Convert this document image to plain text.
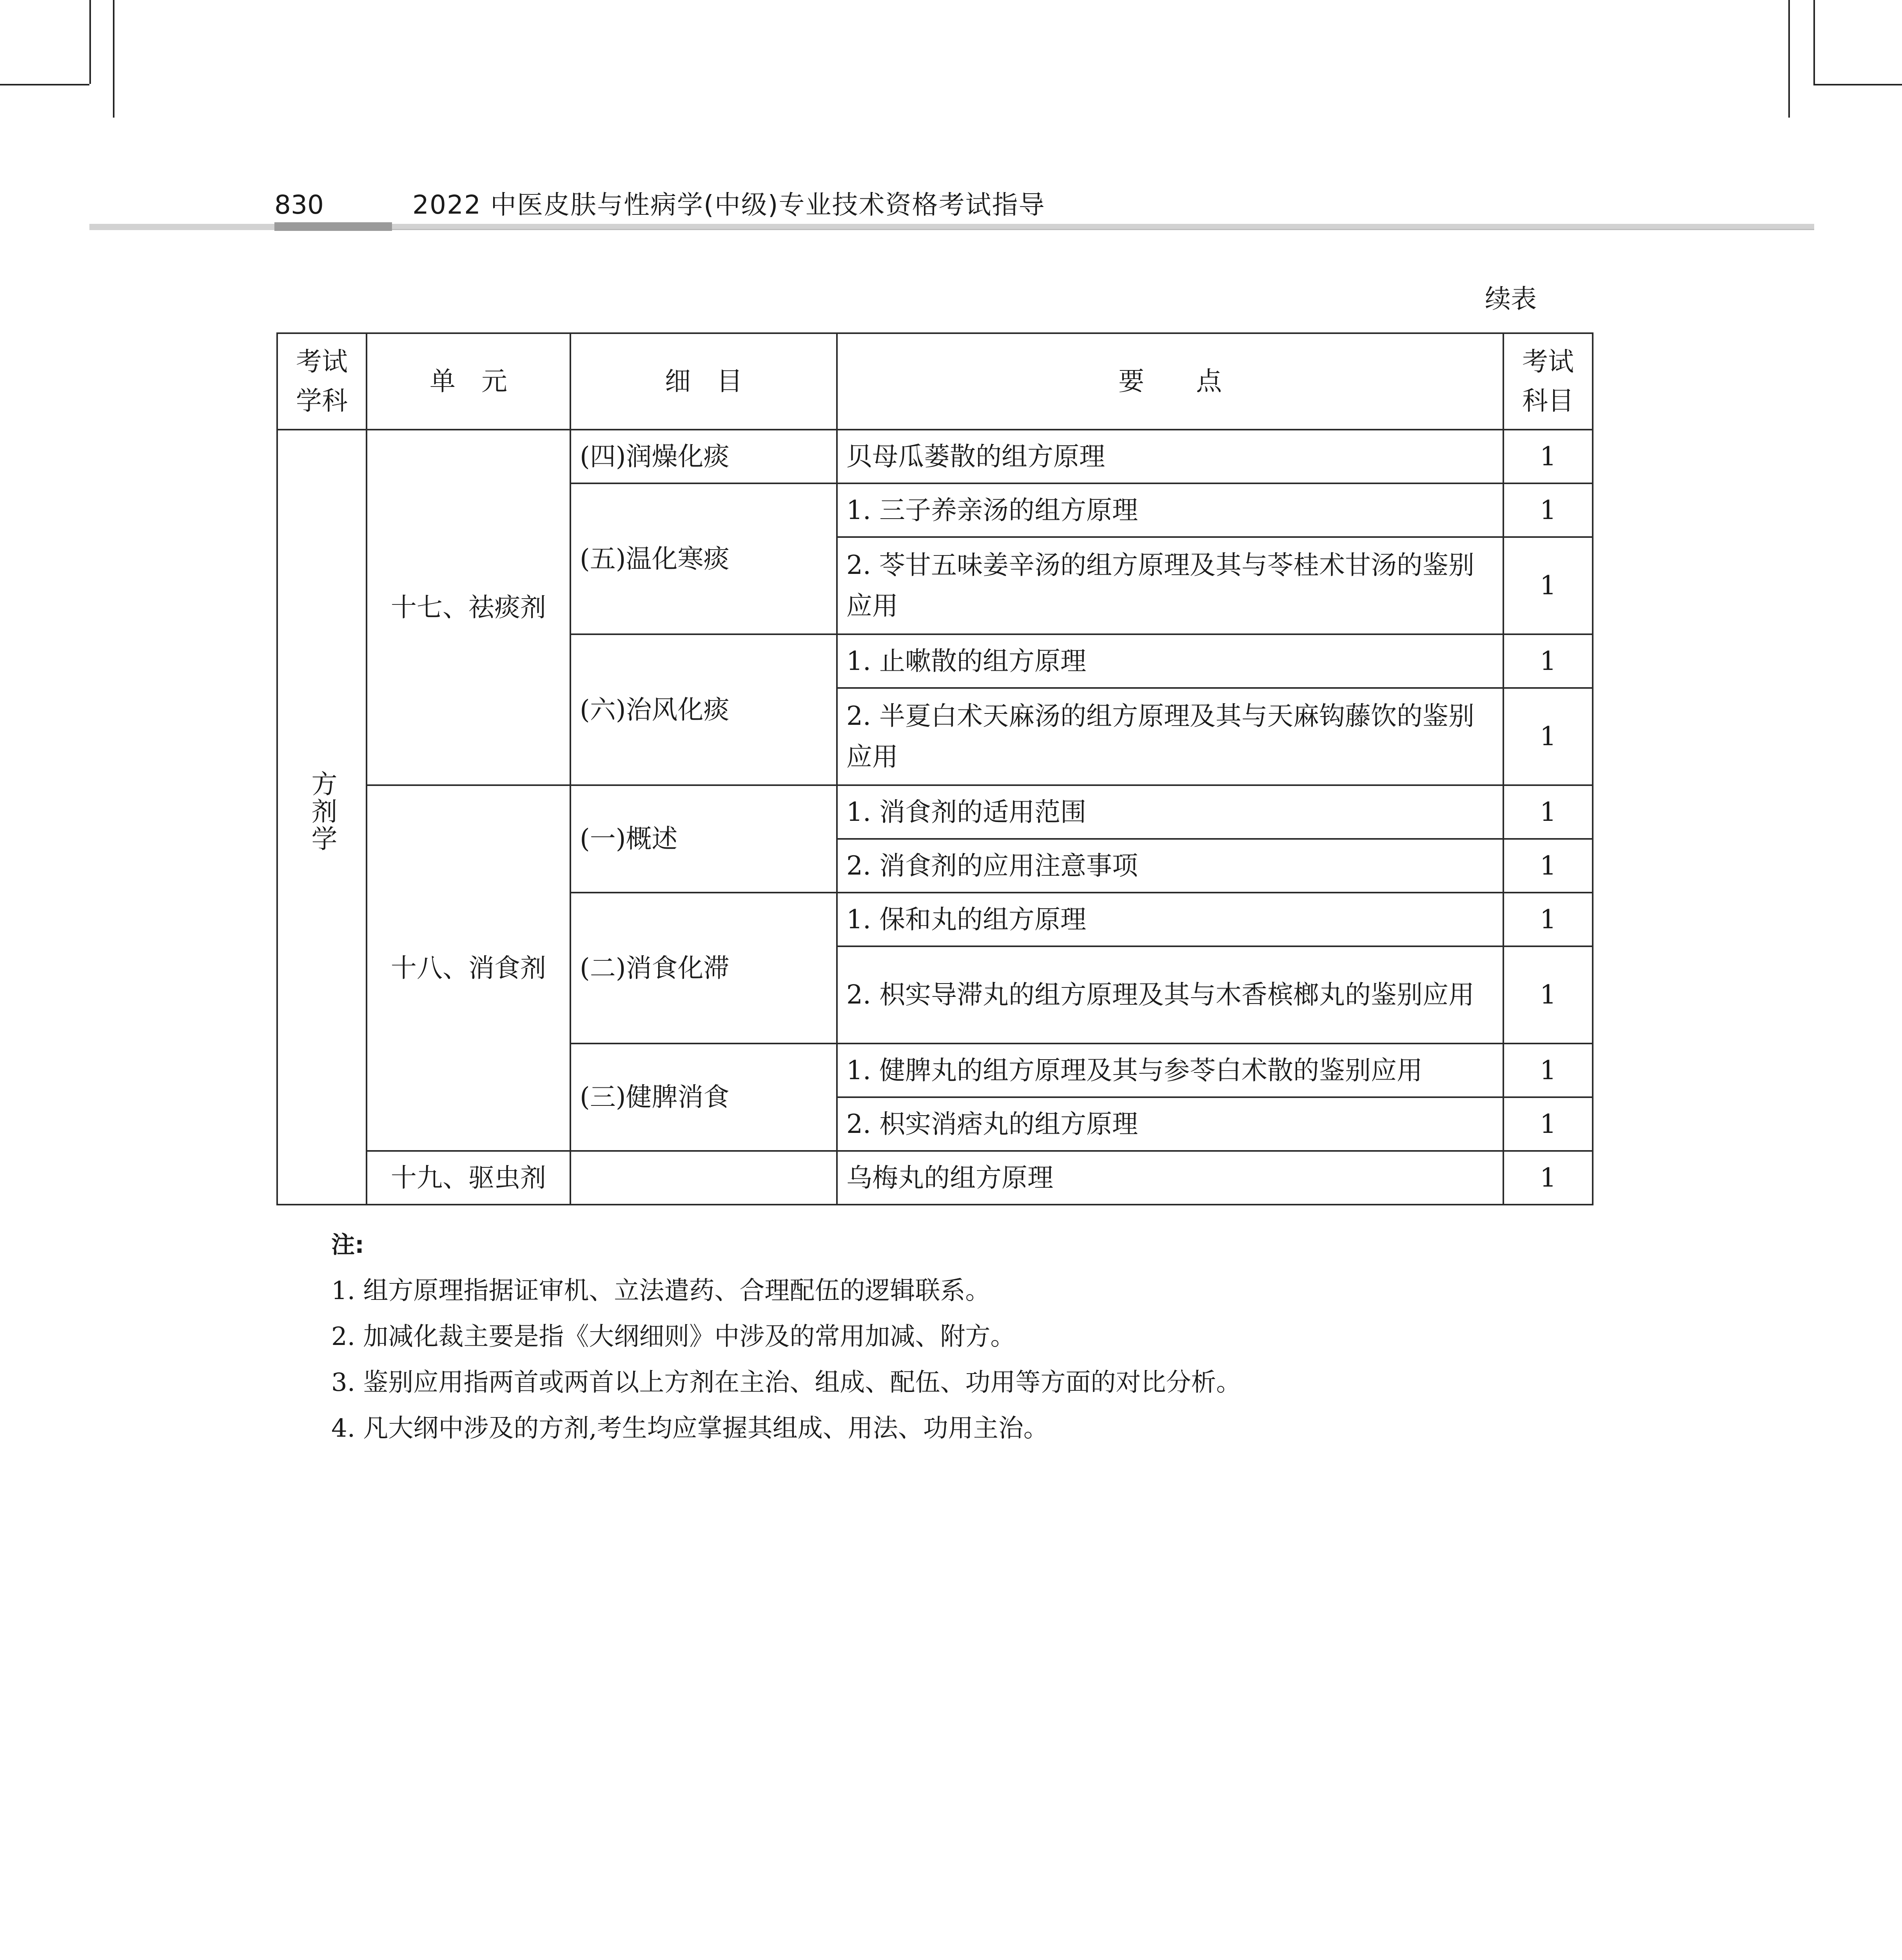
830	2022 中医皮肤与性病学(中级)专业技术资格考试指导
续表
考试学科	单　元	细　目	要　　点	考试科目
方剂学	十七、祛痰剂	(四)润燥化痰	贝母瓜蒌散的组方原理	1
		(五)温化寒痰	1. 三子养亲汤的组方原理	1
			2. 苓甘五味姜辛汤的组方原理及其与苓桂术甘汤的鉴别应用	1
		(六)治风化痰	1. 止嗽散的组方原理	1
			2. 半夏白术天麻汤的组方原理及其与天麻钩藤饮的鉴别应用	1
	十八、消食剂	(一)概述	1. 消食剂的适用范围	1
			2. 消食剂的应用注意事项	1
		(二)消食化滞	1. 保和丸的组方原理	1
			2. 枳实导滞丸的组方原理及其与木香槟榔丸的鉴别应用	1
		(三)健脾消食	1. 健脾丸的组方原理及其与参苓白术散的鉴别应用	1
			2. 枳实消痞丸的组方原理	1

	十九、驱虫剂		乌梅丸的组方原理	1
注:
1. 组方原理指据证审机、立法遣药、合理配伍的逻辑联系。
2. 加减化裁主要是指《大纲细则》中涉及的常用加减、附方。
3. 鉴别应用指两首或两首以上方剂在主治、组成、配伍、功用等方面的对比分析。
4. 凡大纲中涉及的方剂,考生均应掌握其组成、用法、功用主治。
